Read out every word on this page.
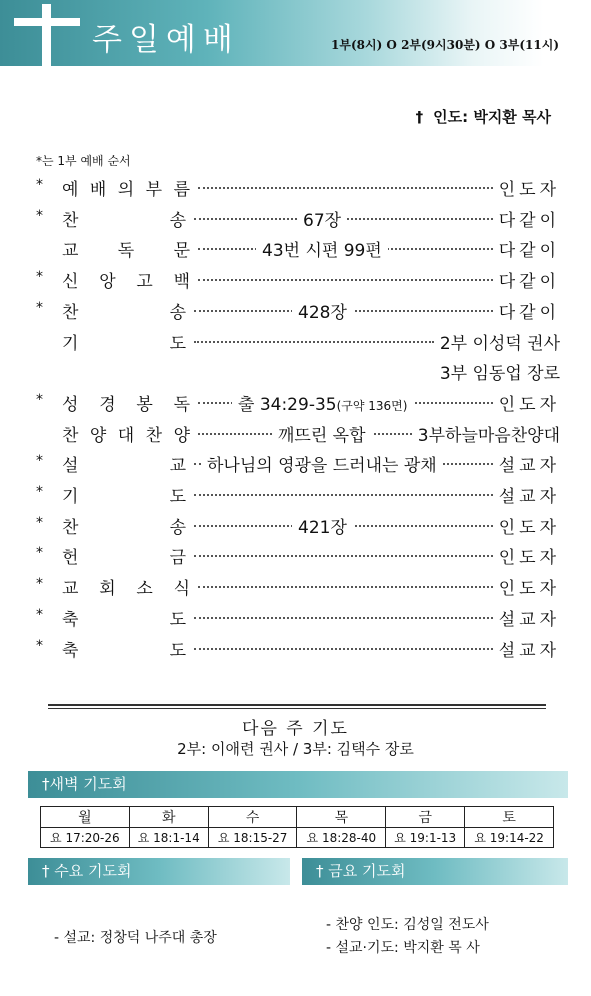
주일예배	1부(8시) O 2부(9시30분) O 3부(11시)
† 인도: 박지환 목사
*는 1부 예배 순서
*	예 배 의 부 름	인도자
*	찬	송	67장	다같이
교 독 문	43번 시편 99편	다같이
*	신 앙 고 백	다같이
*	찬	송	428장	다같이
기	도	2부 이성덕 권사
3부 임동업 장로
*	성 경 봉 독	출 34:29-35(구약 136면)	인도자
찬 양 대 찬 양	깨뜨린 옥합	3부하늘마음찬양대
*	설	교	하나님의 영광을 드러내는 광채	설교자
*	기	도	설교자
*	찬	송	421장	인도자
*	헌	금	인도자
*	교 회 소 식	인도자
*	축	도	설교자
*	축	도	설교자
다음 주 기도
2부: 이애련 권사 / 3부: 김택수 장로
†새벽 기도회
월	화	수	목	금	토
요 17:20-26	요 18:1-14	요 18:15-27	요 18:28-40	요 19:1-13	요 19:14-22
† 수요 기도회	† 금요 기도회
- 설교: 정창덕 나주대 총장
- 찬양 인도: 김성일 전도사
- 설교·기도: 박지환 목 사
